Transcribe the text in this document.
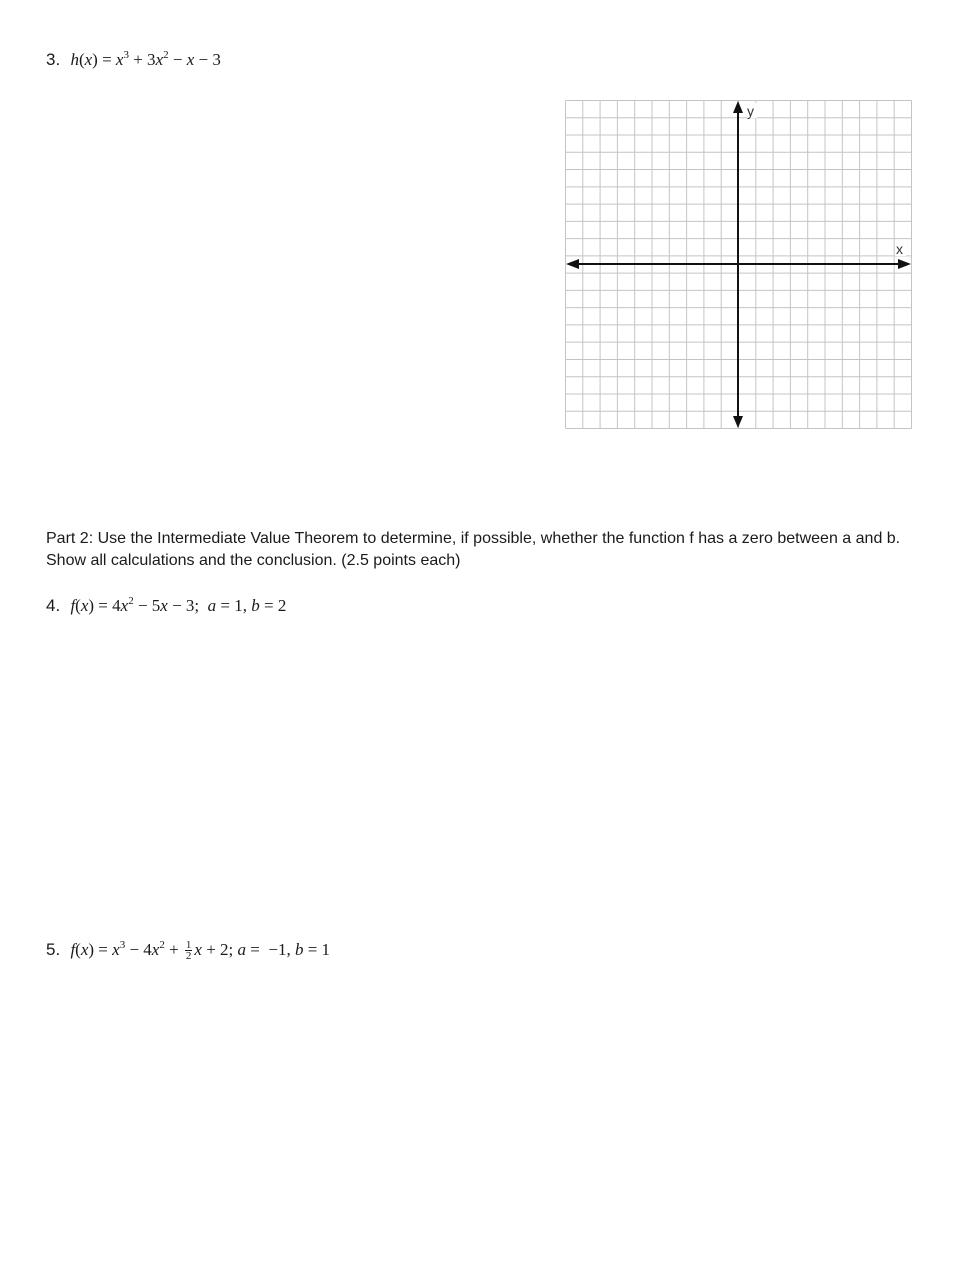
3. $h(x) = x^3 + 3x^2 - x - 3$
y
x
Part 2: Use the Intermediate Value Theorem to determine, if possible, whether the function f has a zero between a and b. Show all calculations and the conclusion. (2.5 points each)
4. $f(x) = 4x^2 - 5x - 3$;  a = 1, b = 2
5. $f(x) = x^3 - 4x^2 + \frac{1}{2}$ x + 2; a =  −1, b = 1
